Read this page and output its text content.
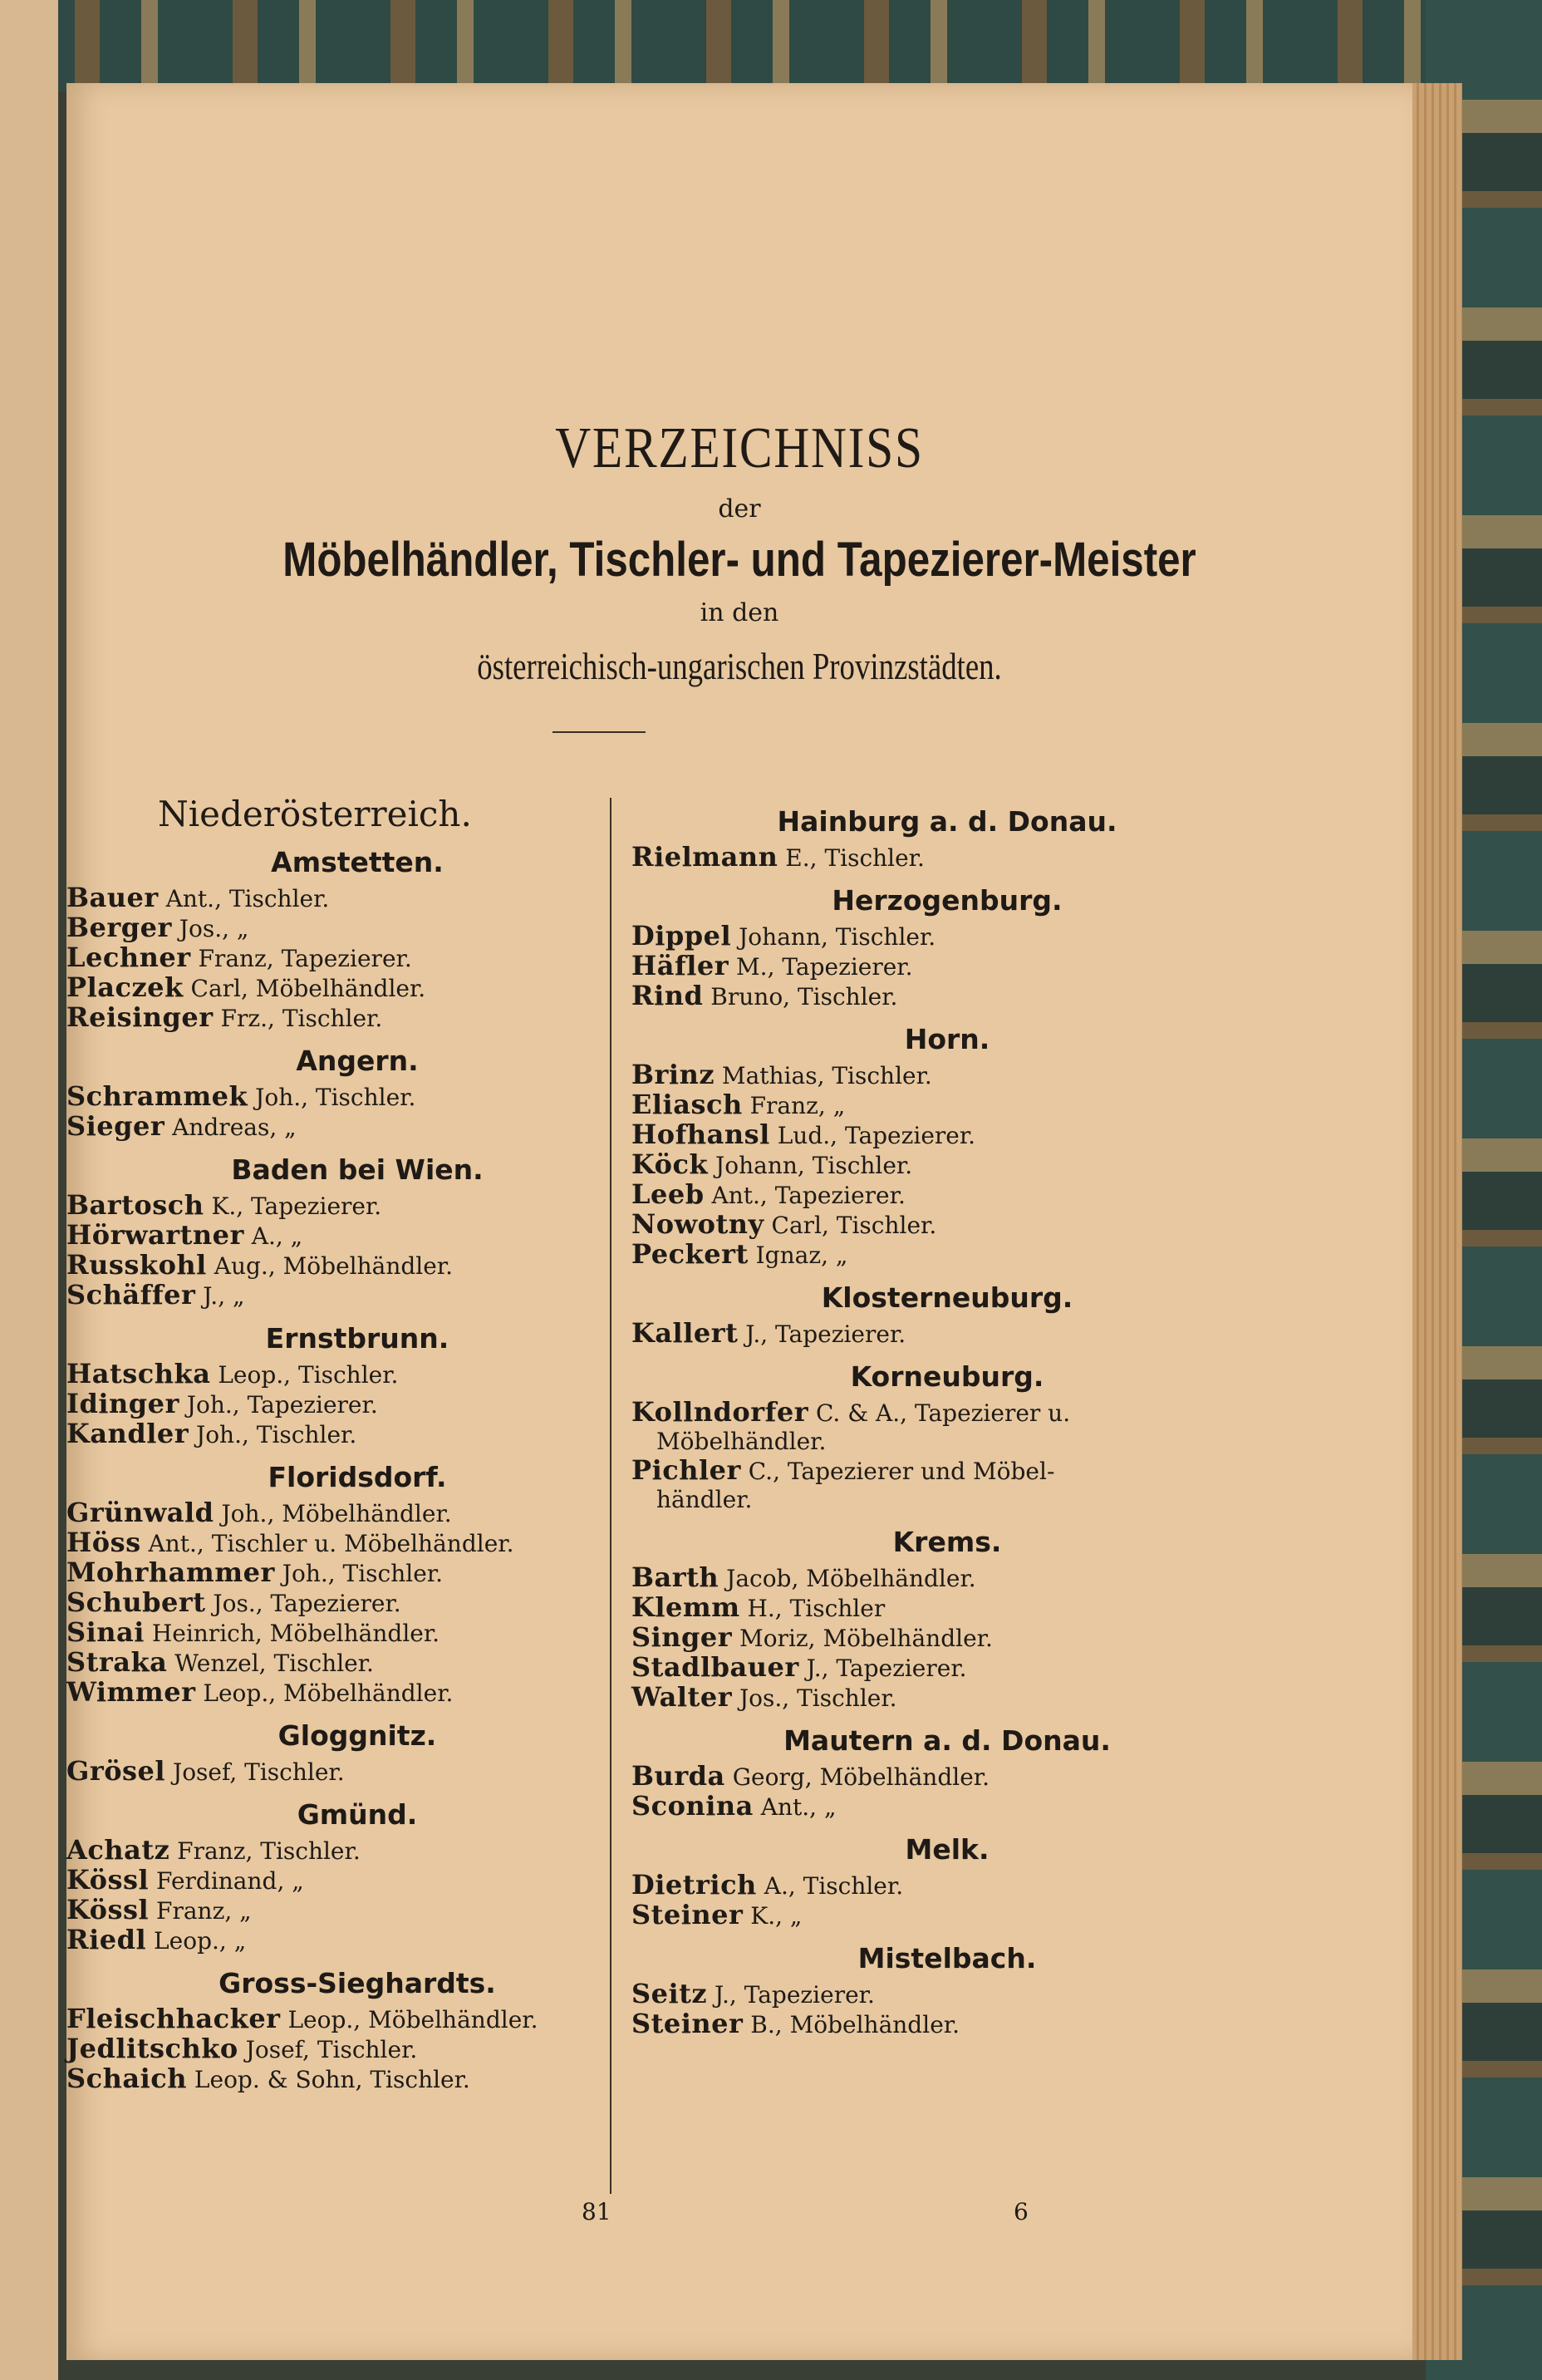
VERZEICHNISS
der
Möbelhändler, Tischler- und Tapezierer-Meister
in den
österreichisch-ungarischen Provinzstädten.
Niederösterreich.
Amstetten.
Bauer Ant., Tischler.
Berger Jos., „
Lechner Franz, Tapezierer.
Placzek Carl, Möbelhändler.
Reisinger Frz., Tischler.
Angern.
Schrammek Joh., Tischler.
Sieger Andreas, „
Baden bei Wien.
Bartosch K., Tapezierer.
Hörwartner A., „
Russkohl Aug., Möbelhändler.
Schäffer J., „
Ernstbrunn.
Hatschka Leop., Tischler.
Idinger Joh., Tapezierer.
Kandler Joh., Tischler.
Floridsdorf.
Grünwald Joh., Möbelhändler.
Höss Ant., Tischler u. Möbelhändler.
Mohrhammer Joh., Tischler.
Schubert Jos., Tapezierer.
Sinai Heinrich, Möbelhändler.
Straka Wenzel, Tischler.
Wimmer Leop., Möbelhändler.
Gloggnitz.
Grösel Josef, Tischler.
Gmünd.
Achatz Franz, Tischler.
Kössl Ferdinand, „
Kössl Franz, „
Riedl Leop., „
Gross-Sieghardts.
Fleischhacker Leop., Möbelhändler.
Jedlitschko Josef, Tischler.
Schaich Leop. & Sohn, Tischler.
Hainburg a. d. Donau.
Rielmann E., Tischler.
Herzogenburg.
Dippel Johann, Tischler.
Häfler M., Tapezierer.
Rind Bruno, Tischler.
Horn.
Brinz Mathias, Tischler.
Eliasch Franz, „
Hofhansl Lud., Tapezierer.
Köck Johann, Tischler.
Leeb Ant., Tapezierer.
Nowotny Carl, Tischler.
Peckert Ignaz, „
Klosterneuburg.
Kallert J., Tapezierer.
Korneuburg.
Kollndorfer C. & A., Tapezierer u.
Möbelhändler.
Pichler C., Tapezierer und Möbel-
händler.
Krems.
Barth Jacob, Möbelhändler.
Klemm H., Tischler
Singer Moriz, Möbelhändler.
Stadlbauer J., Tapezierer.
Walter Jos., Tischler.
Mautern a. d. Donau.
Burda Georg, Möbelhändler.
Sconina Ant., „
Melk.
Dietrich A., Tischler.
Steiner K., „
Mistelbach.
Seitz J., Tapezierer.
Steiner B., Möbelhändler.
81	6
